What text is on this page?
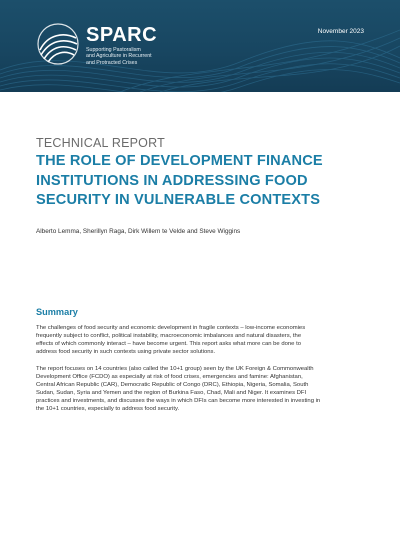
SPARC
Supporting Pastoralism
and Agriculture in Recurrent
and Protracted Crises
November 2023
TECHNICAL REPORT
THE ROLE OF DEVELOPMENT FINANCE
INSTITUTIONS IN ADDRESSING FOOD
SECURITY IN VULNERABLE CONTEXTS
Alberto Lemma, Sherillyn Raga, Dirk Willem te Velde and Steve Wiggins
Summary
The challenges of food security and economic development in fragile contexts – low-income economies
frequently subject to conflict, political instability, macroeconomic imbalances and natural disasters, the
effects of which commonly interact – have become urgent. This report asks what more can be done to
address food security in such contexts using private sector solutions.
The report focuses on 14 countries (also called the 10+1 group) seen by the UK Foreign & Commonwealth
Development Office (FCDO) as especially at risk of food crises, emergencies and famine: Afghanistan,
Central African Republic (CAR), Democratic Republic of Congo (DRC), Ethiopia, Nigeria, Somalia, South
Sudan, Sudan, Syria and Yemen and the region of Burkina Faso, Chad, Mali and Niger. It examines DFI
practices and investments, and discusses the ways in which DFIs can become more interested in investing in
the 10+1 countries, especially to address food security.
